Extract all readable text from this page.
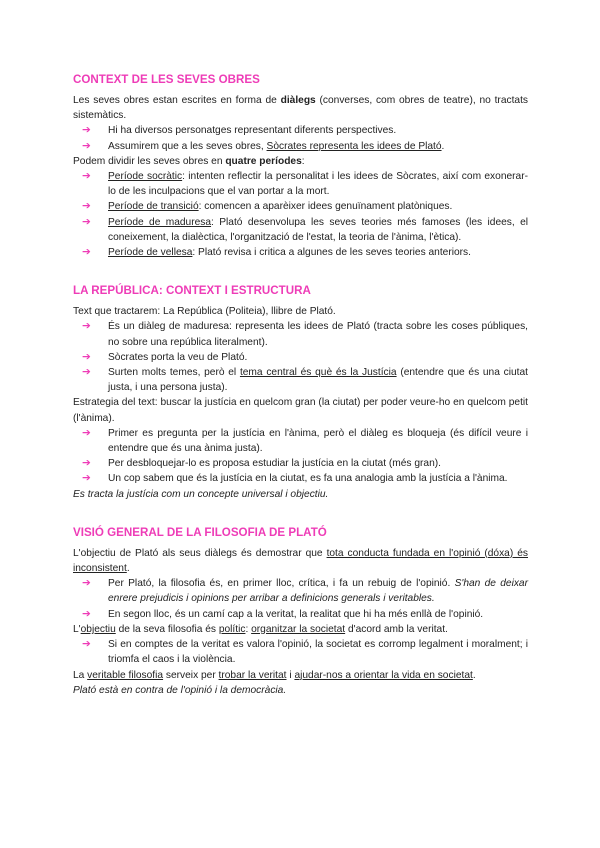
CONTEXT DE LES SEVES OBRES

Les seves obres estan escrites en forma de diàlegs (converses, com obres de teatre), no tractats sistemàtics.

➔ Hi ha diversos personatges representant diferents perspectives.
➔ Assumirem que a les seves obres, Sòcrates representa les idees de Plató.

Podem dividir les seves obres en quatre períodes:

➔ Període socràtic: intenten reflectir la personalitat i les idees de Sòcrates, així com exonerar-lo de les inculpacions que el van portar a la mort.
➔ Període de transició: comencen a aparèixer idees genuïnament platòniques.
➔ Període de maduresa: Plató desenvolupa les seves teories més famoses (les idees, el coneixement, la dialèctica, l'organització de l'estat, la teoria de l'ànima, l'ètica).
➔ Període de vellesa: Plató revisa i critica a algunes de les seves teories anteriors.
LA REPÚBLICA: CONTEXT I ESTRUCTURA

Text que tractarem: La República (Politeia), llibre de Plató.

➔ És un diàleg de maduresa: representa les idees de Plató (tracta sobre les coses públiques, no sobre una república literalment).
➔ Sòcrates porta la veu de Plató.
➔ Surten molts temes, però el tema central és què és la Justícia (entendre que és una ciutat justa, i una persona justa).

Estrategia del text: buscar la justícia en quelcom gran (la ciutat) per poder veure-ho en quelcom petit (l'ànima).

➔ Primer es pregunta per la justícia en l'ànima, però el diàleg es bloqueja (és difícil veure i entendre que és una ànima justa).
➔ Per desbloquejar-lo es proposa estudiar la justícia en la ciutat (més gran).
➔ Un cop sabem que és la justícia en la ciutat, es fa una analogia amb la justícia a l'ànima.

Es tracta la justícia com un concepte universal i objectiu.

VISIÓ GENERAL DE LA FILOSOFIA DE PLATÓ

L'objectiu de Plató als seus diàlegs és demostrar que tota conducta fundada en l'opinió (dóxa) és inconsistent.

➔ Per Plató, la filosofia és, en primer lloc, crítica, i fa un rebuig de l'opinió. S'han de deixar enrere prejudicis i opinions per arribar a definicions generals i veritables.
➔ En segon lloc, és un camí cap a la veritat, la realitat que hi ha més enllà de l'opinió.

L'objectiu de la seva filosofia és polític: organitzar la societat d'acord amb la veritat.

➔ Si en comptes de la veritat es valora l'opinió, la societat es corromp legalment i moralment; i triomfa el caos i la violència.

La veritable filosofia serveix per trobar la veritat i ajudar-nos a orientar la vida en societat.

Plató està en contra de l'opinió i la democràcia.
